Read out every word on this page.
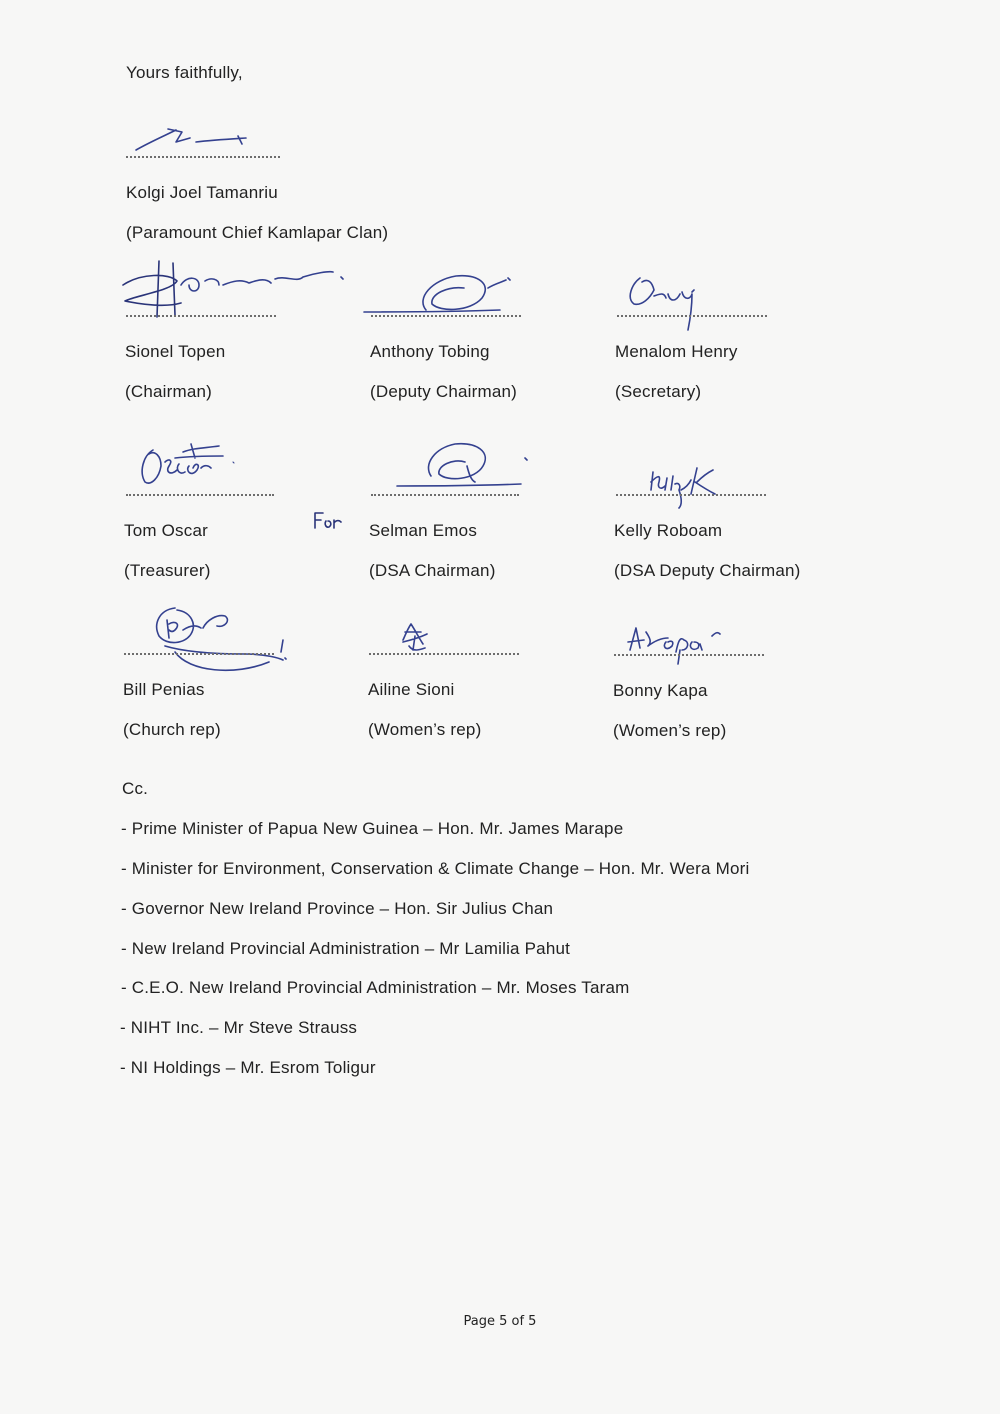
Yours faithfully,
Kolgi Joel Tamanriu
(Paramount Chief Kamlapar Clan)
Sionel Topen
(Chairman)
Anthony Tobing
(Deputy Chairman)
Menalom Henry
(Secretary)
Tom Oscar
(Treasurer)
Selman Emos
(DSA Chairman)
Kelly Roboam
(DSA Deputy Chairman)
Bill Penias
(Church rep)
Ailine Sioni
(Women’s rep)
Bonny Kapa
(Women’s rep)
Cc.
- Prime Minister of Papua New Guinea – Hon. Mr. James Marape
- Minister for Environment, Conservation & Climate Change – Hon. Mr. Wera Mori
- Governor New Ireland Province – Hon. Sir Julius Chan
- New Ireland Provincial Administration – Mr Lamilia Pahut
- C.E.O. New Ireland Provincial Administration – Mr. Moses Taram
- NIHT Inc. – Mr Steve Strauss
- NI Holdings – Mr. Esrom Toligur
Page 5 of 5
